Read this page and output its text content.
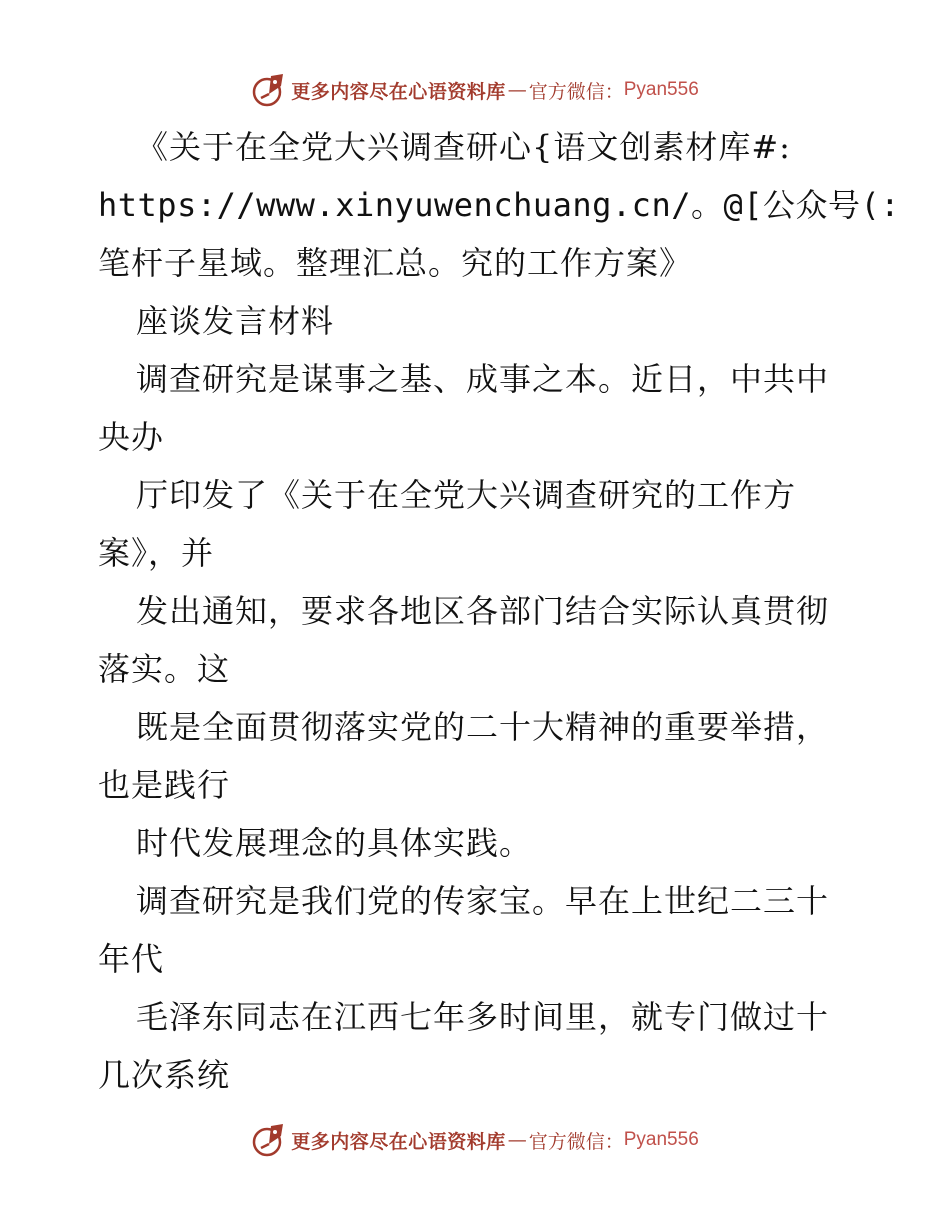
更多内容尽在心语资料库 — 官方微信： Pyan556
《关于在全党大兴调查研心{语文创素材库#:
https://www.xinyuwenchuang.cn/。@[公众号(:
笔杆子星域。整理汇总。究的工作方案》
座谈发言材料
调查研究是谋事之基、成事之本。近日，中共中
央办
厅印发了《关于在全党大兴调查研究的工作方
案》，并
发出通知，要求各地区各部门结合实际认真贯彻
落实。这
既是全面贯彻落实党的二十大精神的重要举措，
也是践行
时代发展理念的具体实践。
调查研究是我们党的传家宝。早在上世纪二三十
年代
毛泽东同志在江西七年多时间里，就专门做过十
几次系统
更多内容尽在心语资料库 — 官方微信： Pyan556
